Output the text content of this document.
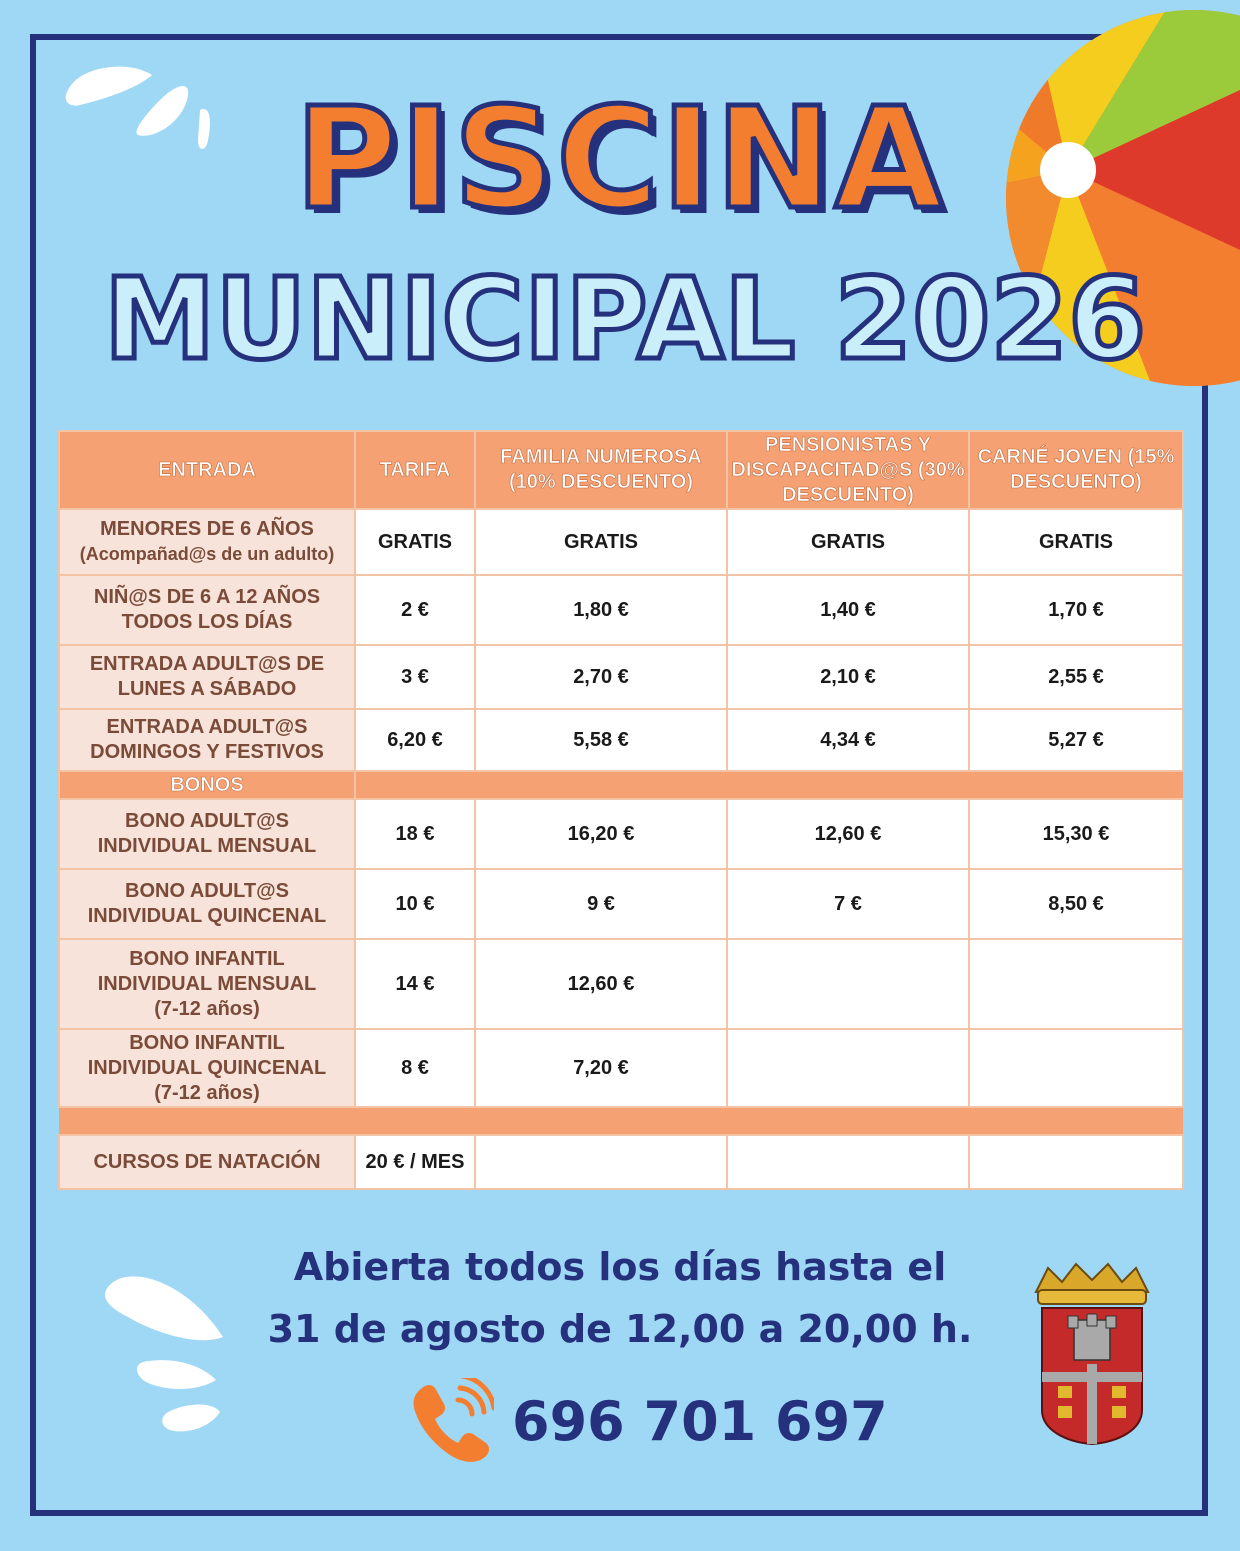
PISCINA
MUNICIPAL 2026
ENTRADA	TARIFA	FAMILIA NUMEROSA (10% DESCUENTO)	PENSIONISTAS Y DISCAPACITAD@S (30% DESCUENTO)	CARNÉ JOVEN (15% DESCUENTO)
MENORES DE 6 AÑOS
(Acompañad@s de un adulto)	GRATIS	GRATIS	GRATIS	GRATIS
NIÑ@S DE 6 A 12 AÑOS
TODOS LOS DÍAS	2 €	1,80 €	1,40 €	1,70 €
ENTRADA ADULT@S DE
LUNES A SÁBADO	3 €	2,70 €	2,10 €	2,55 €
ENTRADA ADULT@S
DOMINGOS Y FESTIVOS	6,20 €	5,58 €	4,34 €	5,27 €
BONOS				
BONO ADULT@S
INDIVIDUAL MENSUAL	18 €	16,20 €	12,60 €	15,30 €
BONO ADULT@S
INDIVIDUAL QUINCENAL	10 €	9 €	7 €	8,50 €
BONO INFANTIL
INDIVIDUAL MENSUAL
(7-12 años)	14 €	12,60 €		
BONO INFANTIL
INDIVIDUAL QUINCENAL
(7-12 años)	8 €	7,20 €		

CURSOS DE NATACIÓN	20 € / MES			
Abierta todos los días hasta el
31 de agosto de 12,00 a 20,00 h.
696 701 697
